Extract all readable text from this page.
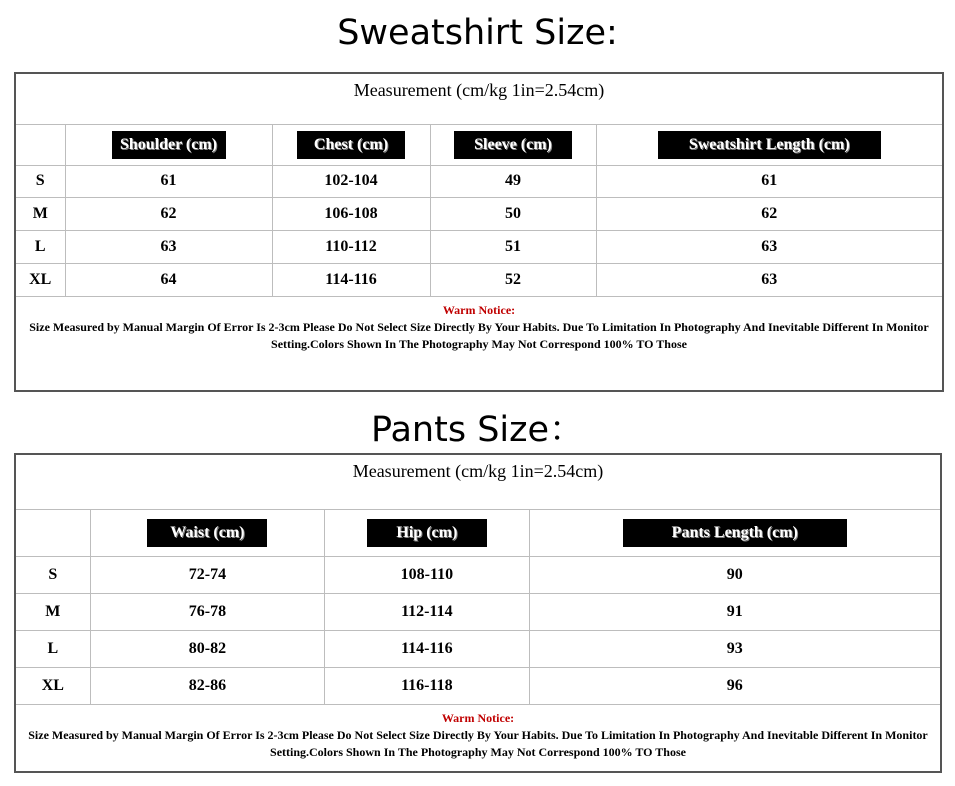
Sweatshirt Size:
Measurement (cm/kg 1in=2.54cm)				
	Shoulder (cm)	Chest (cm)	Sleeve (cm)	Sweatshirt Length (cm)
S	61	102-104	49	61
M	62	106-108	50	62
L	63	110-112	51	63
XL	64	114-116	52	63

Warm Notice:
Size Measured by Manual Margin Of Error Is 2-3cm Please Do Not Select Size Directly By Your Habits. Due To Limitation In Photography And Inevitable Different In Monitor Setting.Colors Shown In The Photography May Not Correspond 100% TO Those				
Pants Size：
Measurement (cm/kg 1in=2.54cm)			
	Waist (cm)	Hip (cm)	Pants Length (cm)
S	72-74	108-110	90
M	76-78	112-114	91
L	80-82	114-116	93
XL	82-86	116-118	96

Warm Notice:
Size Measured by Manual Margin Of Error Is 2-3cm Please Do Not Select Size Directly By Your Habits. Due To Limitation In Photography And Inevitable Different In Monitor Setting.Colors Shown In The Photography May Not Correspond 100% TO Those			
